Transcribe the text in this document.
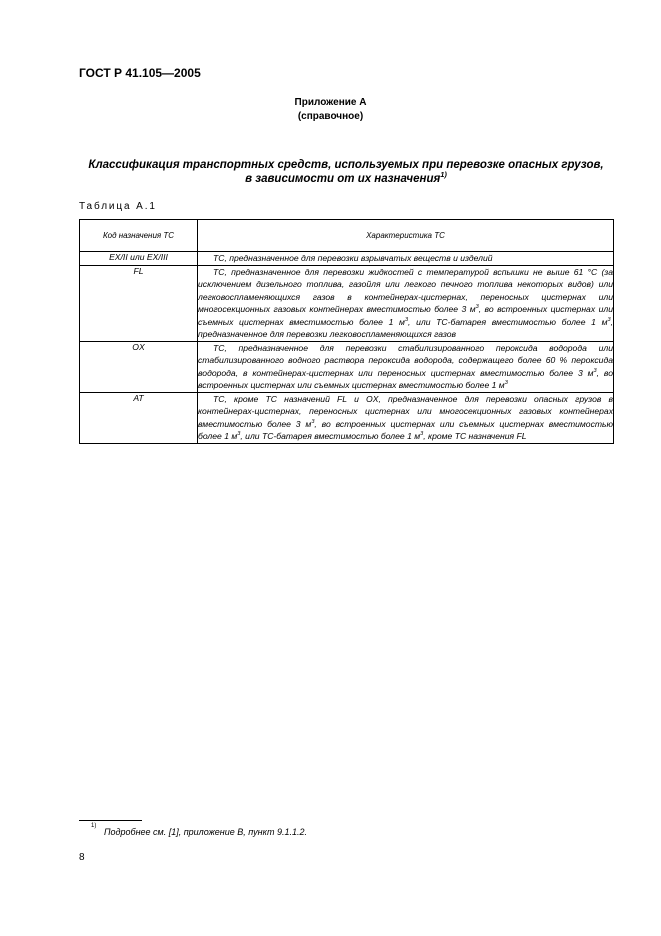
ГОСТ Р 41.105—2005
Приложение А
(справочное)
Классификация транспортных средств, используемых при перевозке опасных грузов,
в зависимости от их назначения$^{1)}$
Таблица А.1
Код назначения ТС	Характеристика ТС
EX/II или EX/III	ТС, предназначенное для перевозки взрывчатых веществ и изделий
FL	ТС, предназначенное для перевозки жидкостей с температурой вспышки не выше 61 °С (за исключением дизельного топлива, газойля или легкого печного топлива некоторых видов) или легковоспламеняющихся газов в контейнерах-цистернах, переносных цистернах или многосекционных газовых контейнерах вместимостью более 3 $м^3$, во встроенных цистернах или съемных цистернах вместимостью более 1 $м^3$, или ТС-батарея вместимостью более 1 $м^3$, предназначенное для перевозки легковоспламеняющихся газов
OX	ТС, предназначенное для перевозки стабилизированного пероксида водорода или стабилизированного водного раствора пероксида водорода, содержащего более 60 % пероксида водорода, в контейнерах-цистернах или переносных цистернах вместимостью более 3 $м^3$, во встроенных цистернах или съемных цистернах вместимостью более 1 $м^3$
AT	ТС, кроме ТС назначений FL и OX, предназначенное для перевозки опасных грузов в контейнерах-цистернах, переносных цистернах или многосекционных газовых контейнерах вместимостью более 3 $м^3$, во встроенных цистернах или съемных цистернах вместимостью более 1 $м^3$, или ТС-батарея вместимостью более 1 $м^3$, кроме ТС назначения FL
1)
Подробнее см. [1], приложение В, пункт 9.1.1.2.
8
